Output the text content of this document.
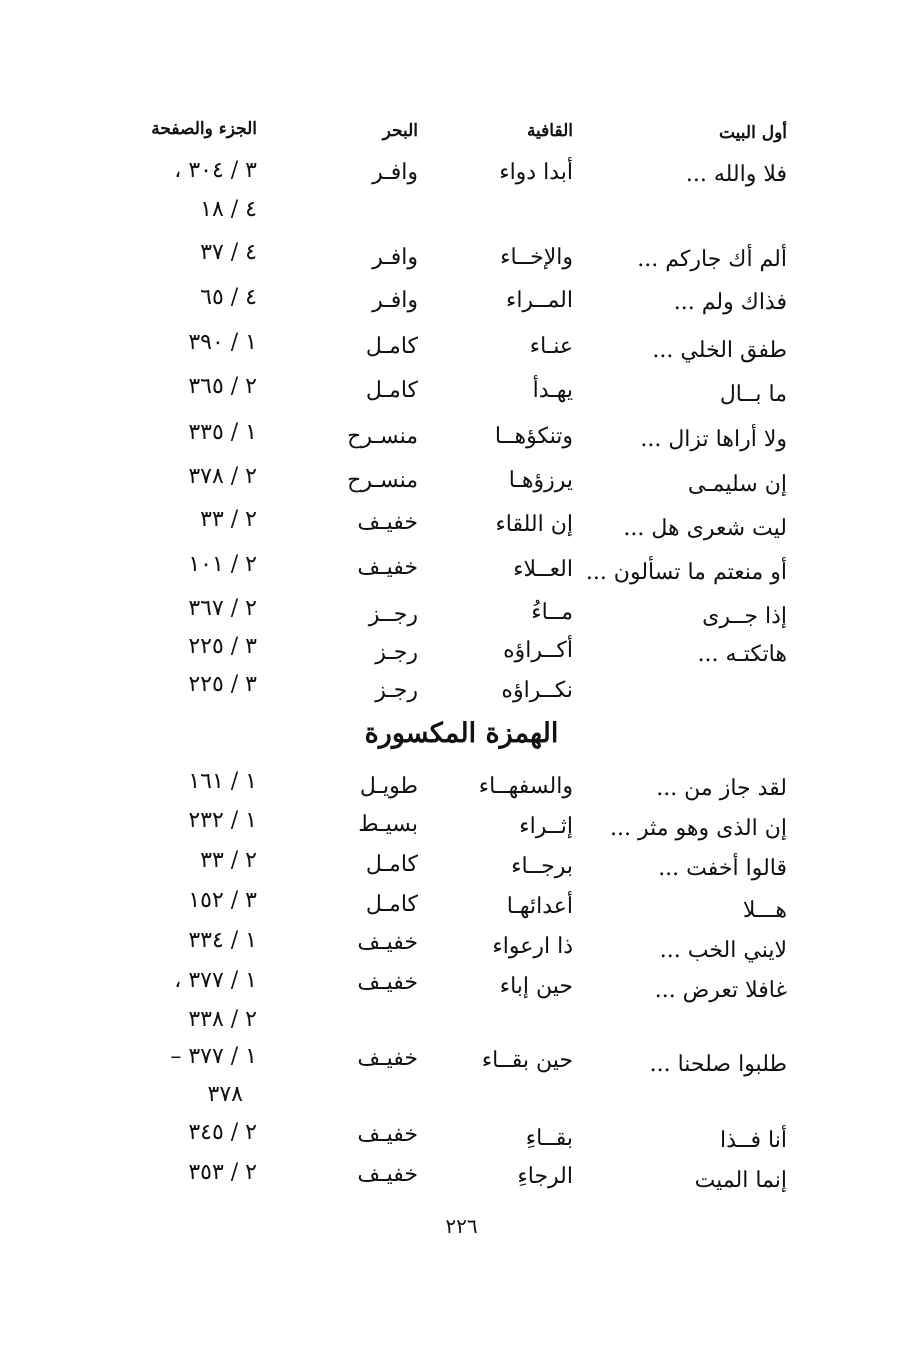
أول البيت
القافية
البحر
الجزء والصفحة
فلا والله ...
أبدا دواء
وافـر
٣ / ٣٠٤ ،
٤ / ١٨
ألم أك جاركم ...
والإخــاء
وافـر
٤ / ٣٧
فذاك ولم ...
المــراء
وافـر
٤ / ٦٥
طفق الخلي ...
عنـاء
كامـل
١ / ٣٩٠
ما بــال
يهـدأ
كامـل
٢ / ٣٦٥
ولا أراها تزال ...
وتنكؤهــا
منسـرح
١ / ٣٣٥
إن سليمـى
يرزؤهـا
منسـرح
٢ / ٣٧٨
ليت شعرى هل ...
إن اللقاء
خفيـف
٢ / ٣٣
أو منعتم ما تسألون ...
العــلاء
خفيـف
٢ / ١٠١
إذا جــرى
مــاءُ
رجــز
٢ / ٣٦٧
هاتكتـه ...
أكــراؤه
رجـز
٣ / ٢٢٥
نكــراؤه
رجـز
٣ / ٢٢٥
الهمزة المكسورة
لقد جاز من ...
والسفهــاء
طويـل
١ / ١٦١
إن الذى وهو مثر ...
إثــراء
بسيـط
١ / ٢٣٢
قالوا أخفت ...
برجــاء
كامـل
٢ / ٣٣
هـــلا
أعدائهـا
كامـل
٣ / ١٥٢
لايني الخب ...
ذا ارعواء
خفيـف
١ / ٣٣٤
غافلا تعرض ...
حين إباء
خفيـف
١ / ٣٧٧ ،
٢ / ٣٣٨
طلبوا صلحنا ...
حين بقــاء
خفيـف
١ / ٣٧٧ –
٣٧٨
أنا فــذا
بقــاءِ
خفيـف
٢ / ٣٤٥
إنما الميت
الرجاءِ
خفيـف
٢ / ٣٥٣
٢٢٦
